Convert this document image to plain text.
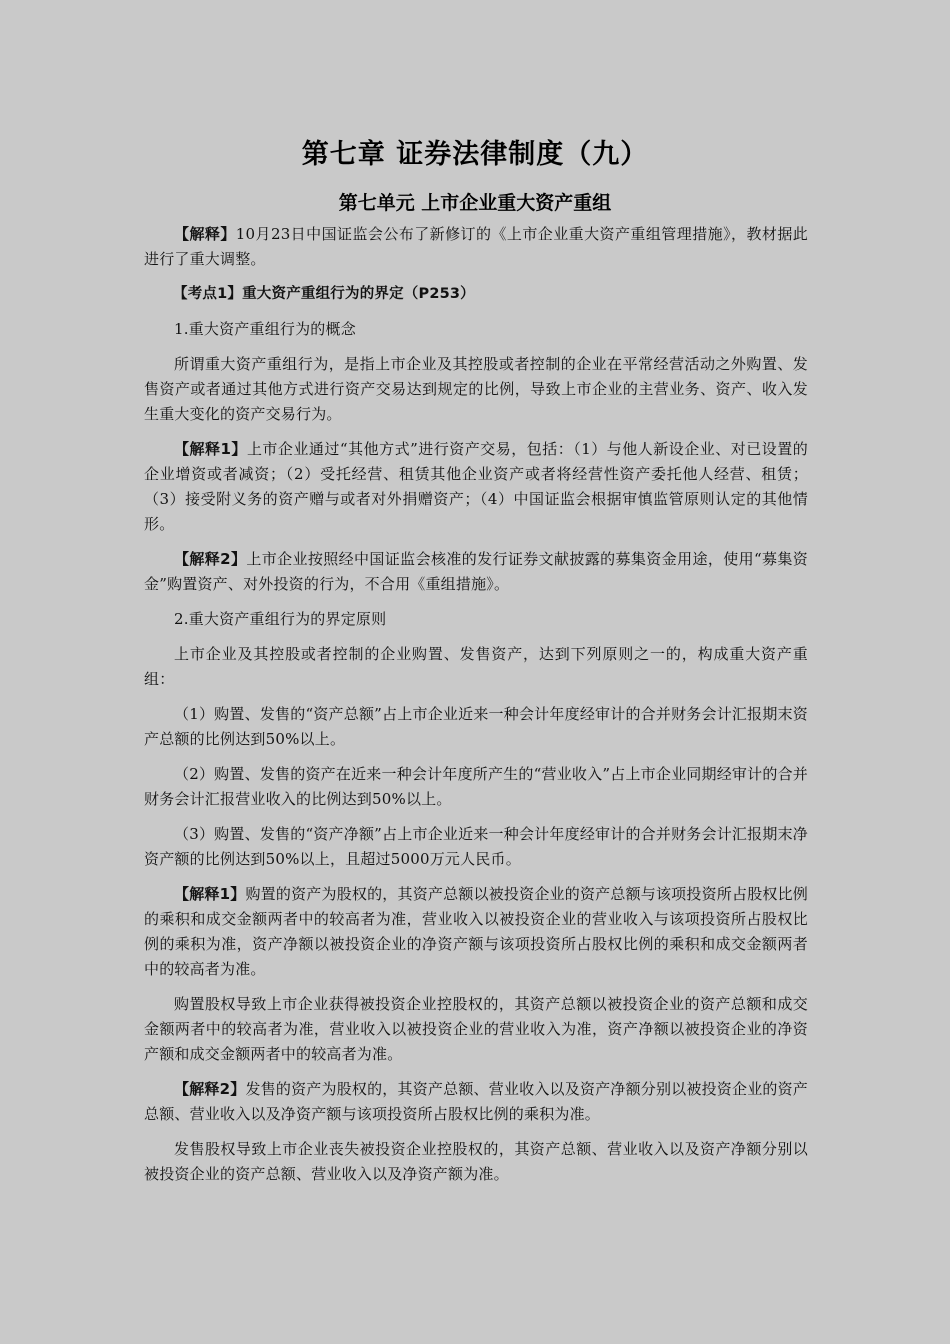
第七章 证券法律制度（九）
第七单元 上市企业重大资产重组

【解释】10月23日中国证监会公布了新修订的《上市企业重大资产重组管理措施》，教材据此进行了重大调整。

【考点1】重大资产重组行为的界定（P253）

1.重大资产重组行为的概念

所谓重大资产重组行为，是指上市企业及其控股或者控制的企业在平常经营活动之外购置、发售资产或者通过其他方式进行资产交易达到规定的比例，导致上市企业的主营业务、资产、收入发生重大变化的资产交易行为。

【解释1】上市企业通过“其他方式”进行资产交易，包括：（1）与他人新设企业、对已设置的企业增资或者减资；（2）受托经营、租赁其他企业资产或者将经营性资产委托他人经营、租赁；（3）接受附义务的资产赠与或者对外捐赠资产；（4）中国证监会根据审慎监管原则认定的其他情形。

【解释2】上市企业按照经中国证监会核准的发行证券文献披露的募集资金用途，使用“募集资金”购置资产、对外投资的行为，不合用《重组措施》。

2.重大资产重组行为的界定原则

上市企业及其控股或者控制的企业购置、发售资产，达到下列原则之一的，构成重大资产重组：

（1）购置、发售的“资产总额”占上市企业近来一种会计年度经审计的合并财务会计汇报期末资产总额的比例达到50%以上。

（2）购置、发售的资产在近来一种会计年度所产生的“营业收入”占上市企业同期经审计的合并财务会计汇报营业收入的比例达到50%以上。

（3）购置、发售的“资产净额”占上市企业近来一种会计年度经审计的合并财务会计汇报期末净资产额的比例达到50%以上，且超过5000万元人民币。

【解释1】购置的资产为股权的，其资产总额以被投资企业的资产总额与该项投资所占股权比例的乘积和成交金额两者中的较高者为准，营业收入以被投资企业的营业收入与该项投资所占股权比例的乘积为准，资产净额以被投资企业的净资产额与该项投资所占股权比例的乘积和成交金额两者中的较高者为准。

购置股权导致上市企业获得被投资企业控股权的，其资产总额以被投资企业的资产总额和成交金额两者中的较高者为准，营业收入以被投资企业的营业收入为准，资产净额以被投资企业的净资产额和成交金额两者中的较高者为准。

【解释2】发售的资产为股权的，其资产总额、营业收入以及资产净额分别以被投资企业的资产总额、营业收入以及净资产额与该项投资所占股权比例的乘积为准。

发售股权导致上市企业丧失被投资企业控股权的，其资产总额、营业收入以及资产净额分别以被投资企业的资产总额、营业收入以及净资产额为准。
